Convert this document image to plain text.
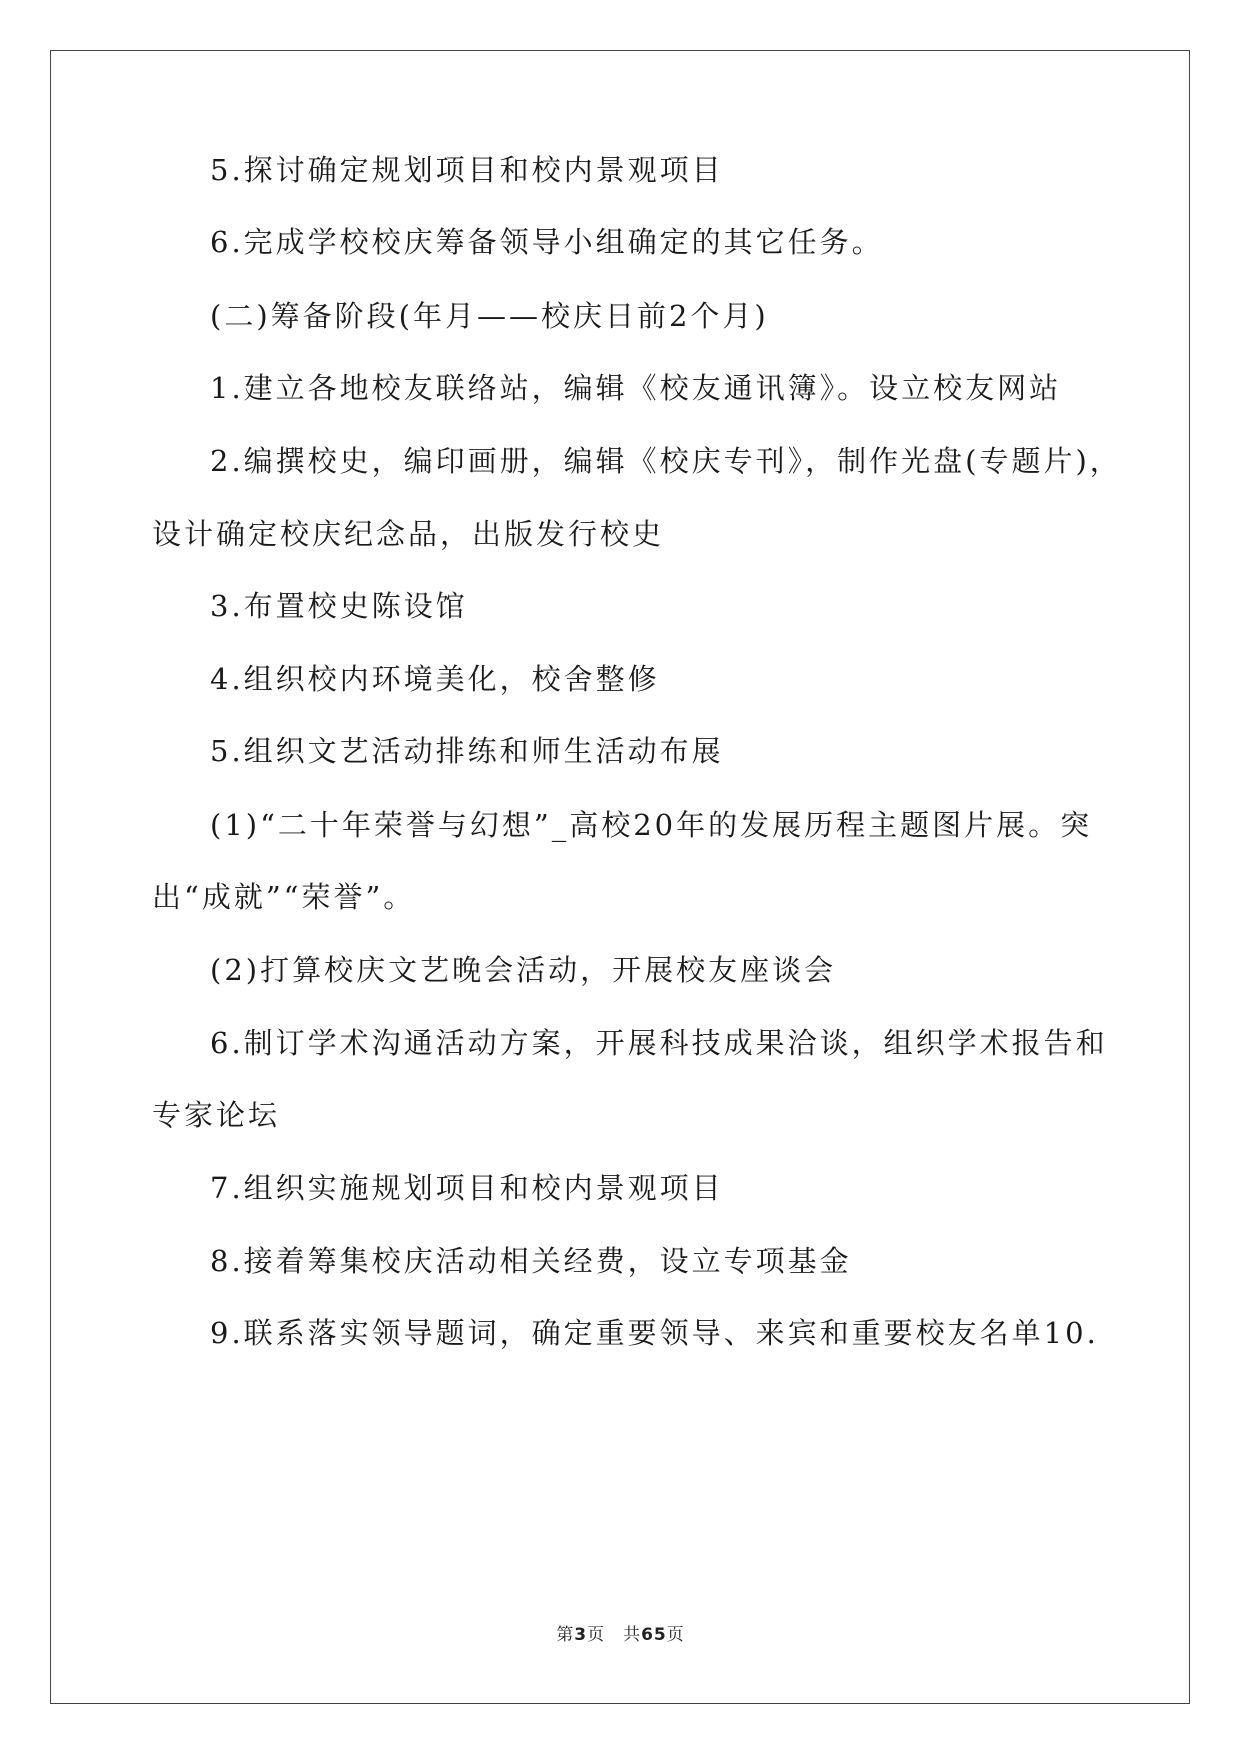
5.探讨确定规划项目和校内景观项目
6.完成学校校庆筹备领导小组确定的其它任务。
(二)筹备阶段(年月——校庆日前2个月)
1.建立各地校友联络站，编辑《校友通讯簿》。设立校友网站
2.编撰校史，编印画册，编辑《校庆专刊》，制作光盘(专题片)，
设计确定校庆纪念品，出版发行校史
3.布置校史陈设馆
4.组织校内环境美化，校舍整修
5.组织文艺活动排练和师生活动布展
(1)“二十年荣誉与幻想”_高校20年的发展历程主题图片展。突
出“成就”“荣誉”。
(2)打算校庆文艺晚会活动，开展校友座谈会
6.制订学术沟通活动方案，开展科技成果洽谈，组织学术报告和
专家论坛
7.组织实施规划项目和校内景观项目
8.接着筹集校庆活动相关经费，设立专项基金
9.联系落实领导题词，确定重要领导、来宾和重要校友名单10.
第3页　共65页
